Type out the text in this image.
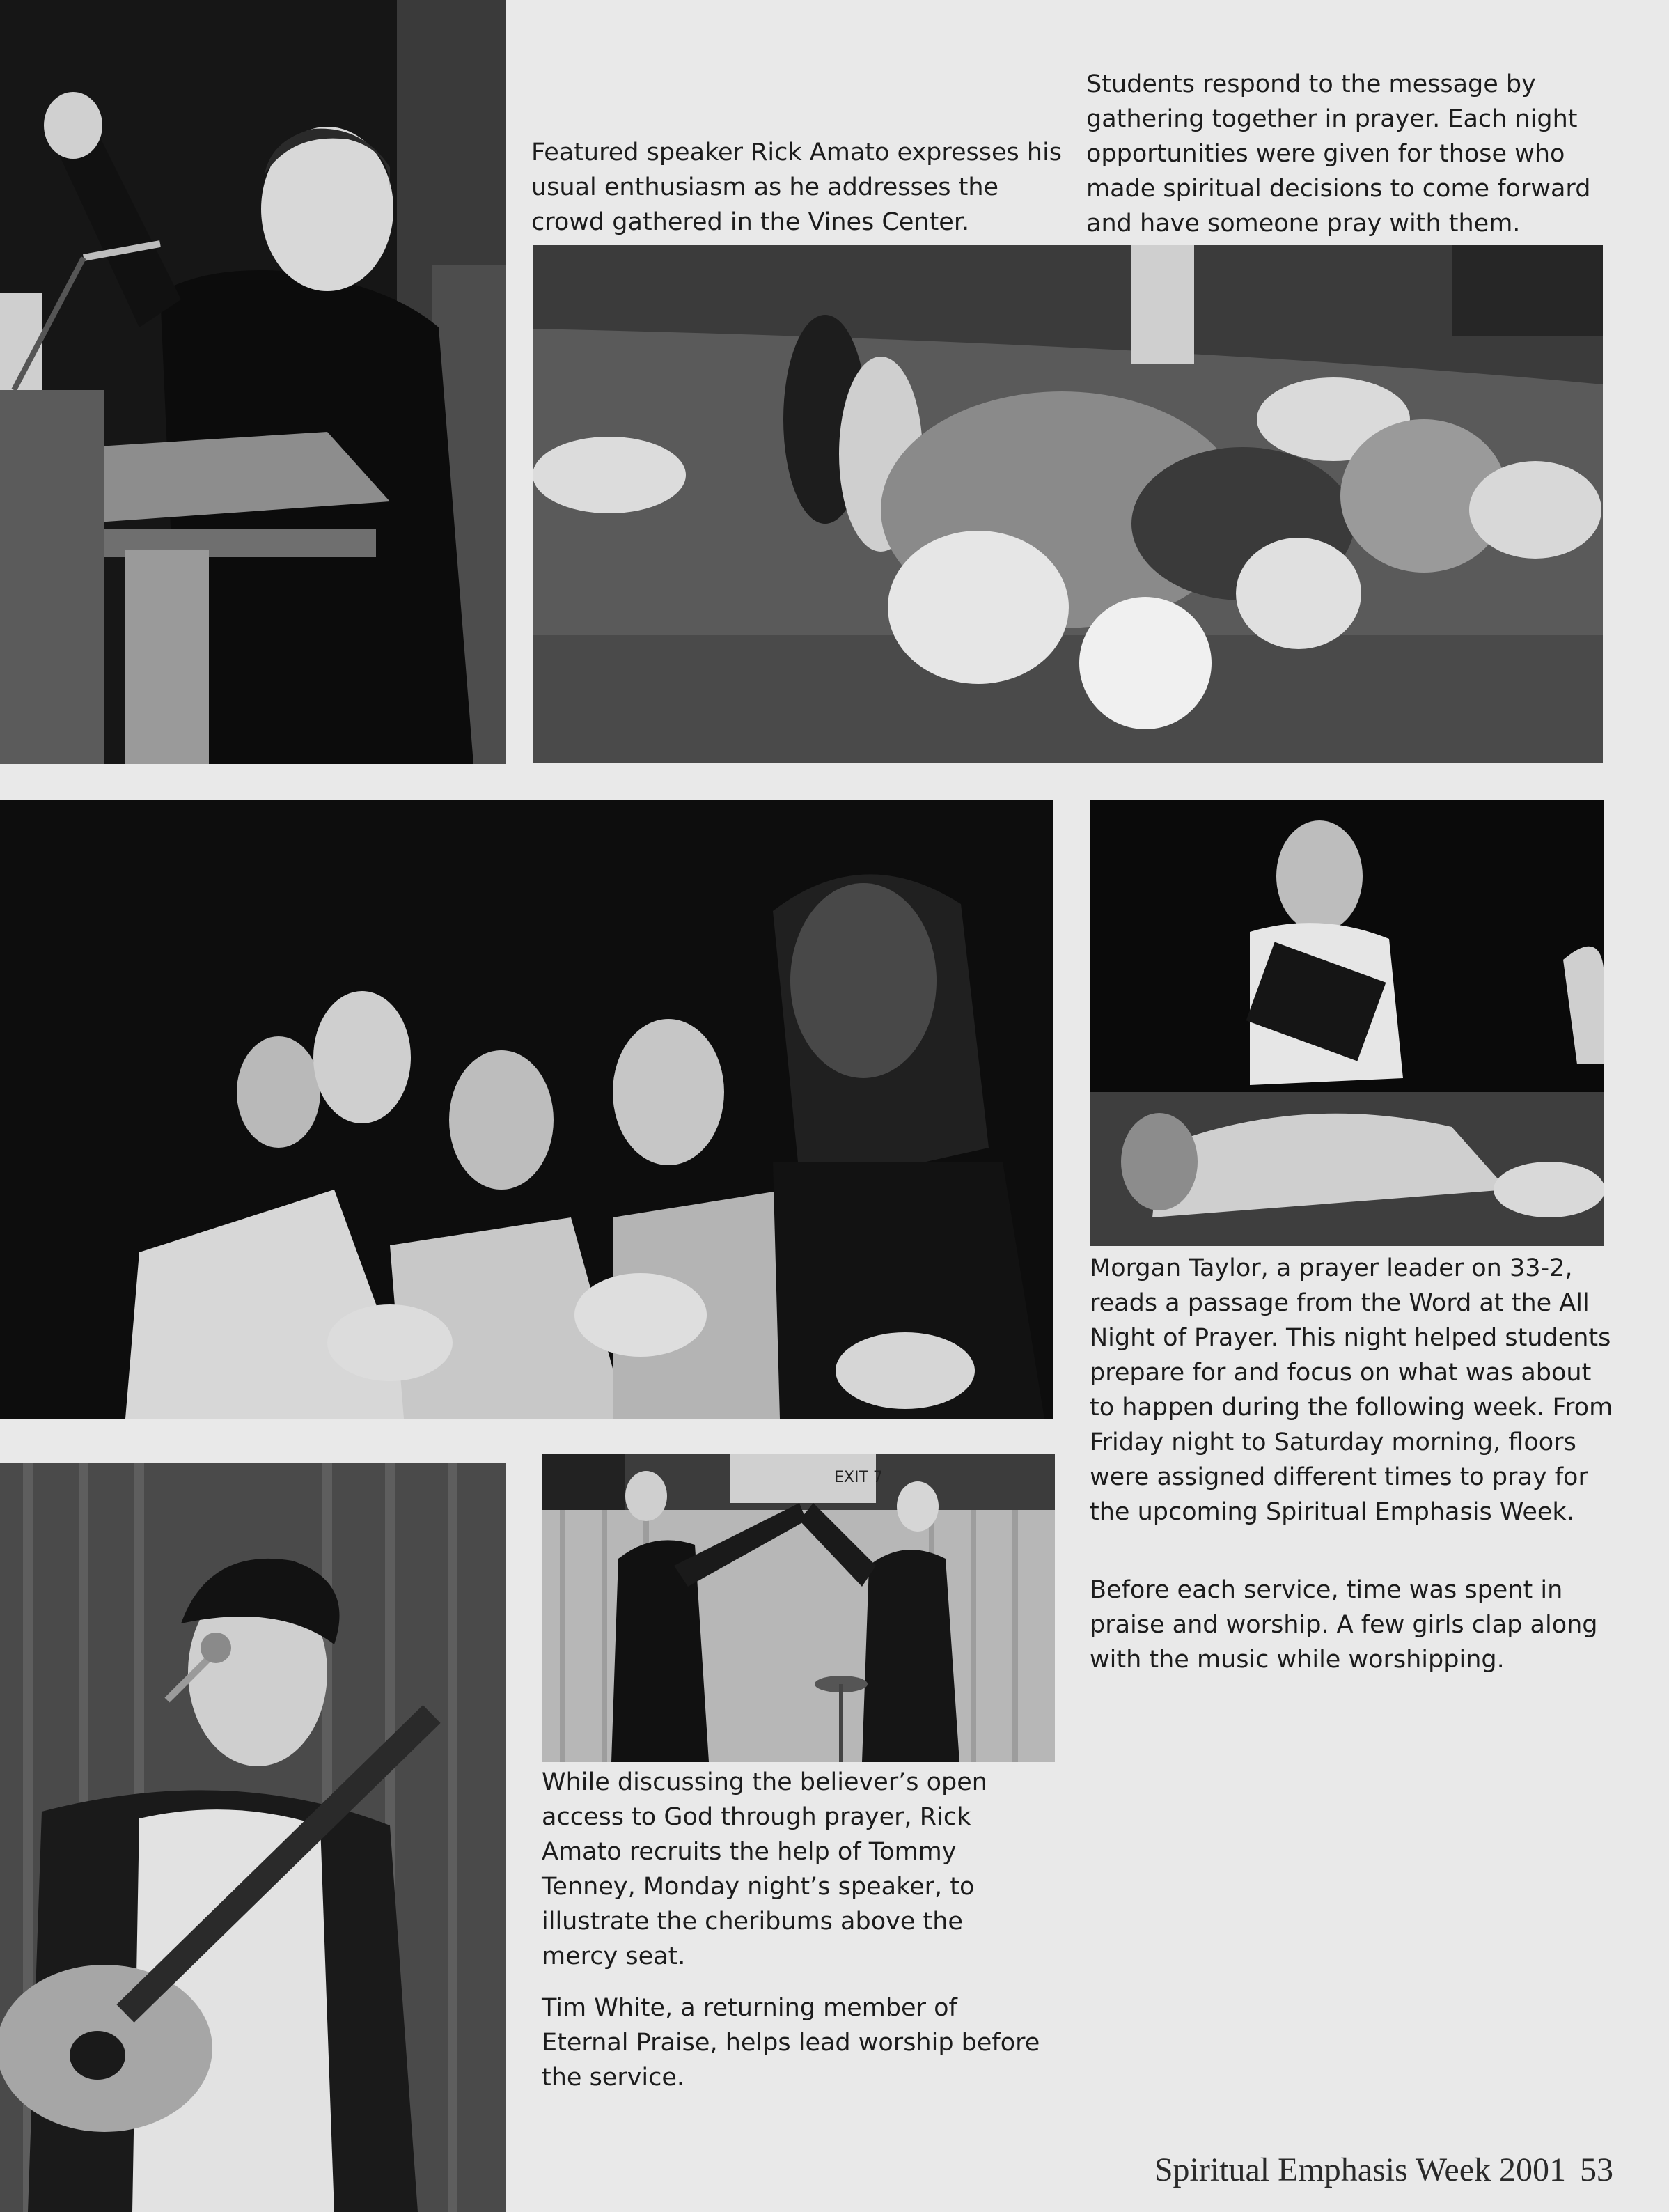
Featured speaker Rick Amato expresses his usual enthusiasm as he addresses the crowd gathered in the Vines Center.

Students respond to the message by gathering together in prayer. Each night opportunities were given for those who made spiritual decisions to come forward and have someone pray with them.

Morgan Taylor, a prayer leader on 33-2, reads a passage from the Word at the All Night of Prayer. This night helped students prepare for and focus on what was about to happen during the following week. From Friday night to Saturday morning, floors were assigned different times to pray for the upcoming Spiritual Emphasis Week.

Before each service, time was spent in praise and worship. A few girls clap along with the music while worshipping.

EXIT 7

While discussing the believer’s open access to God through prayer, Rick Amato recruits the help of Tommy Tenney, Monday night’s speaker, to illustrate the cheribums above the mercy seat.

Tim White, a returning member of Eternal Praise, helps lead worship before the service.

Spiritual Emphasis Week 2001 53
